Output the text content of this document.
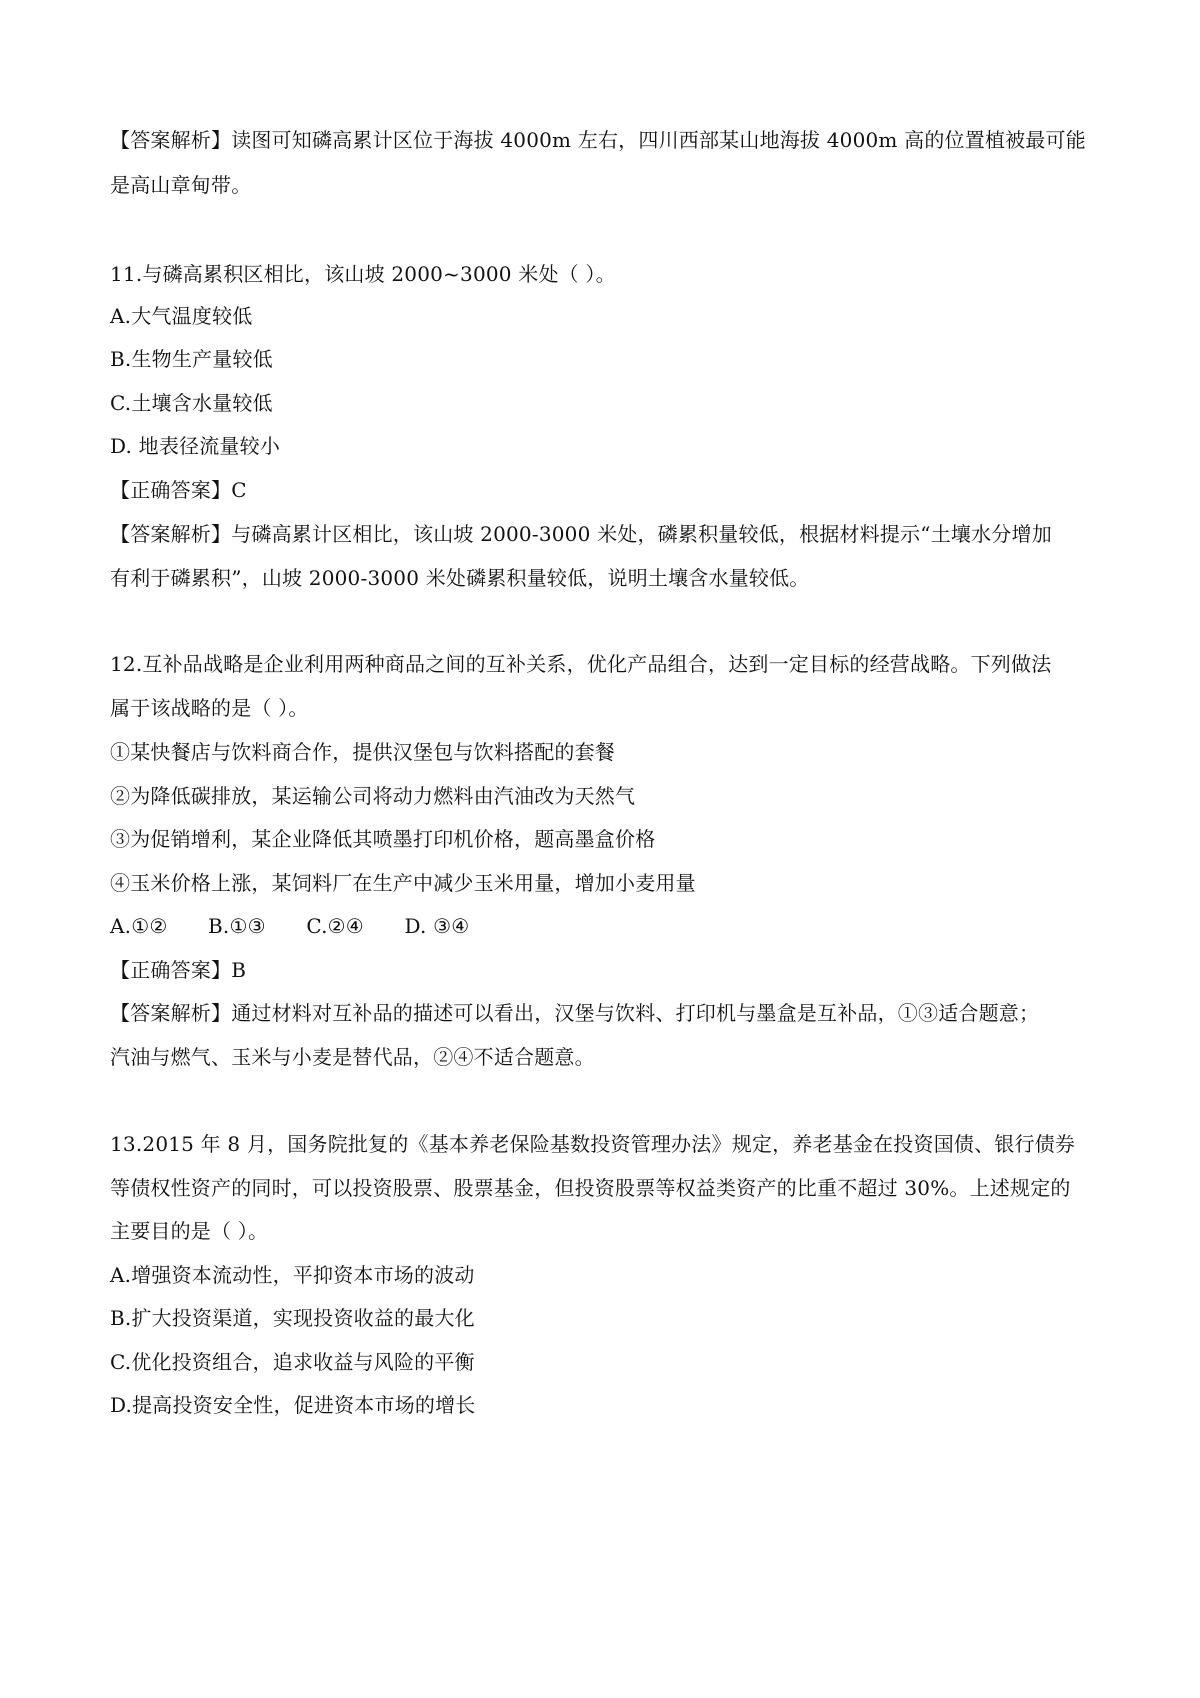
【答案解析】读图可知磷高累计区位于海拔 4000m 左右，四川西部某山地海拔 4000m 高的位置植被最可能
是高山章甸带。
11.与磷高累积区相比，该山坡 2000~3000 米处（ ）。
A.大气温度较低
B.生物生产量较低
C.土壤含水量较低
D. 地表径流量较小
【正确答案】C
【答案解析】与磷高累计区相比，该山坡 2000-3000 米处，磷累积量较低，根据材料提示“土壤水分增加
有利于磷累积”，山坡 2000-3000 米处磷累积量较低，说明土壤含水量较低。
12.互补品战略是企业利用两种商品之间的互补关系，优化产品组合，达到一定目标的经营战略。下列做法
属于该战略的是（ ）。
①某快餐店与饮料商合作，提供汉堡包与饮料搭配的套餐
②为降低碳排放，某运输公司将动力燃料由汽油改为天然气
③为促销增利，某企业降低其喷墨打印机价格，题高墨盒价格
④玉米价格上涨，某饲料厂在生产中减少玉米用量，增加小麦用量
A.①② B.①③ C.②④ D. ③④
【正确答案】B
【答案解析】通过材料对互补品的描述可以看出，汉堡与饮料、打印机与墨盒是互补品，①③适合题意；
汽油与燃气、玉米与小麦是替代品，②④不适合题意。
13.2015 年 8 月，国务院批复的《基本养老保险基数投资管理办法》规定，养老基金在投资国债、银行债券
等债权性资产的同时，可以投资股票、股票基金，但投资股票等权益类资产的比重不超过 30%。上述规定的
主要目的是（ ）。
A.增强资本流动性，平抑资本市场的波动
B.扩大投资渠道，实现投资收益的最大化
C.优化投资组合，追求收益与风险的平衡
D.提高投资安全性，促进资本市场的增长
